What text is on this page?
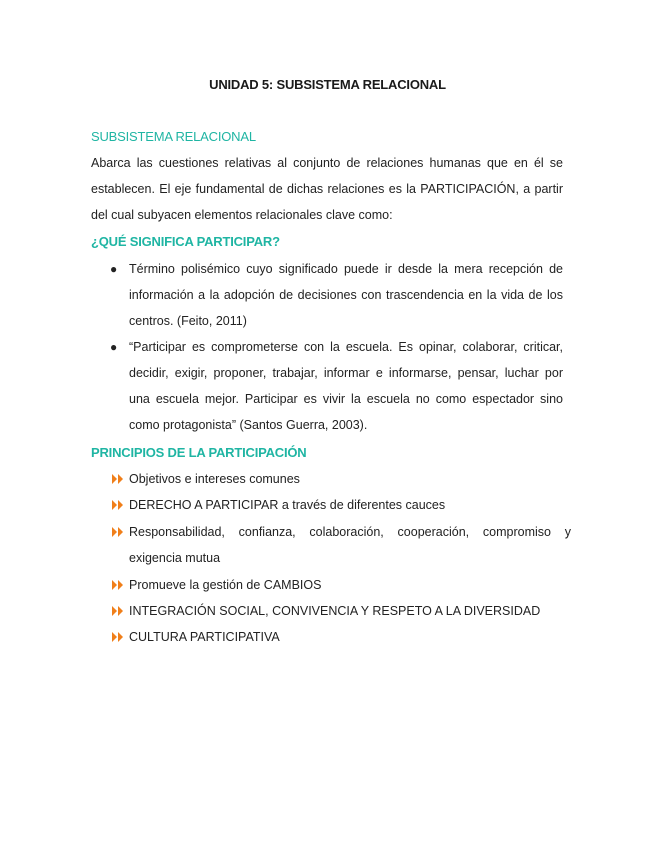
UNIDAD 5: SUBSISTEMA RELACIONAL
SUBSISTEMA RELACIONAL
Abarca las cuestiones relativas al conjunto de relaciones humanas que en él se
establecen. El eje fundamental de dichas relaciones es la PARTICIPACIÓN, a partir
del cual subyacen elementos relacionales clave como:
¿QUÉ SIGNIFICA PARTICIPAR?
● Término polisémico cuyo significado puede ir desde la mera recepción de
información a la adopción de decisiones con trascendencia en la vida de los
centros. (Feito, 2011)
● “Participar es comprometerse con la escuela. Es opinar, colaborar, criticar,
decidir, exigir, proponer, trabajar, informar e informarse, pensar, luchar por
una escuela mejor. Participar es vivir la escuela no como espectador sino
como protagonista” (Santos Guerra, 2003).
PRINCIPIOS DE LA PARTICIPACIÓN
Objetivos e intereses comunes
DERECHO A PARTICIPAR a través de diferentes cauces
Responsabilidad, confianza, colaboración, cooperación, compromiso y
exigencia mutua
Promueve la gestión de CAMBIOS
INTEGRACIÓN SOCIAL, CONVIVENCIA Y RESPETO A LA DIVERSIDAD
CULTURA PARTICIPATIVA
